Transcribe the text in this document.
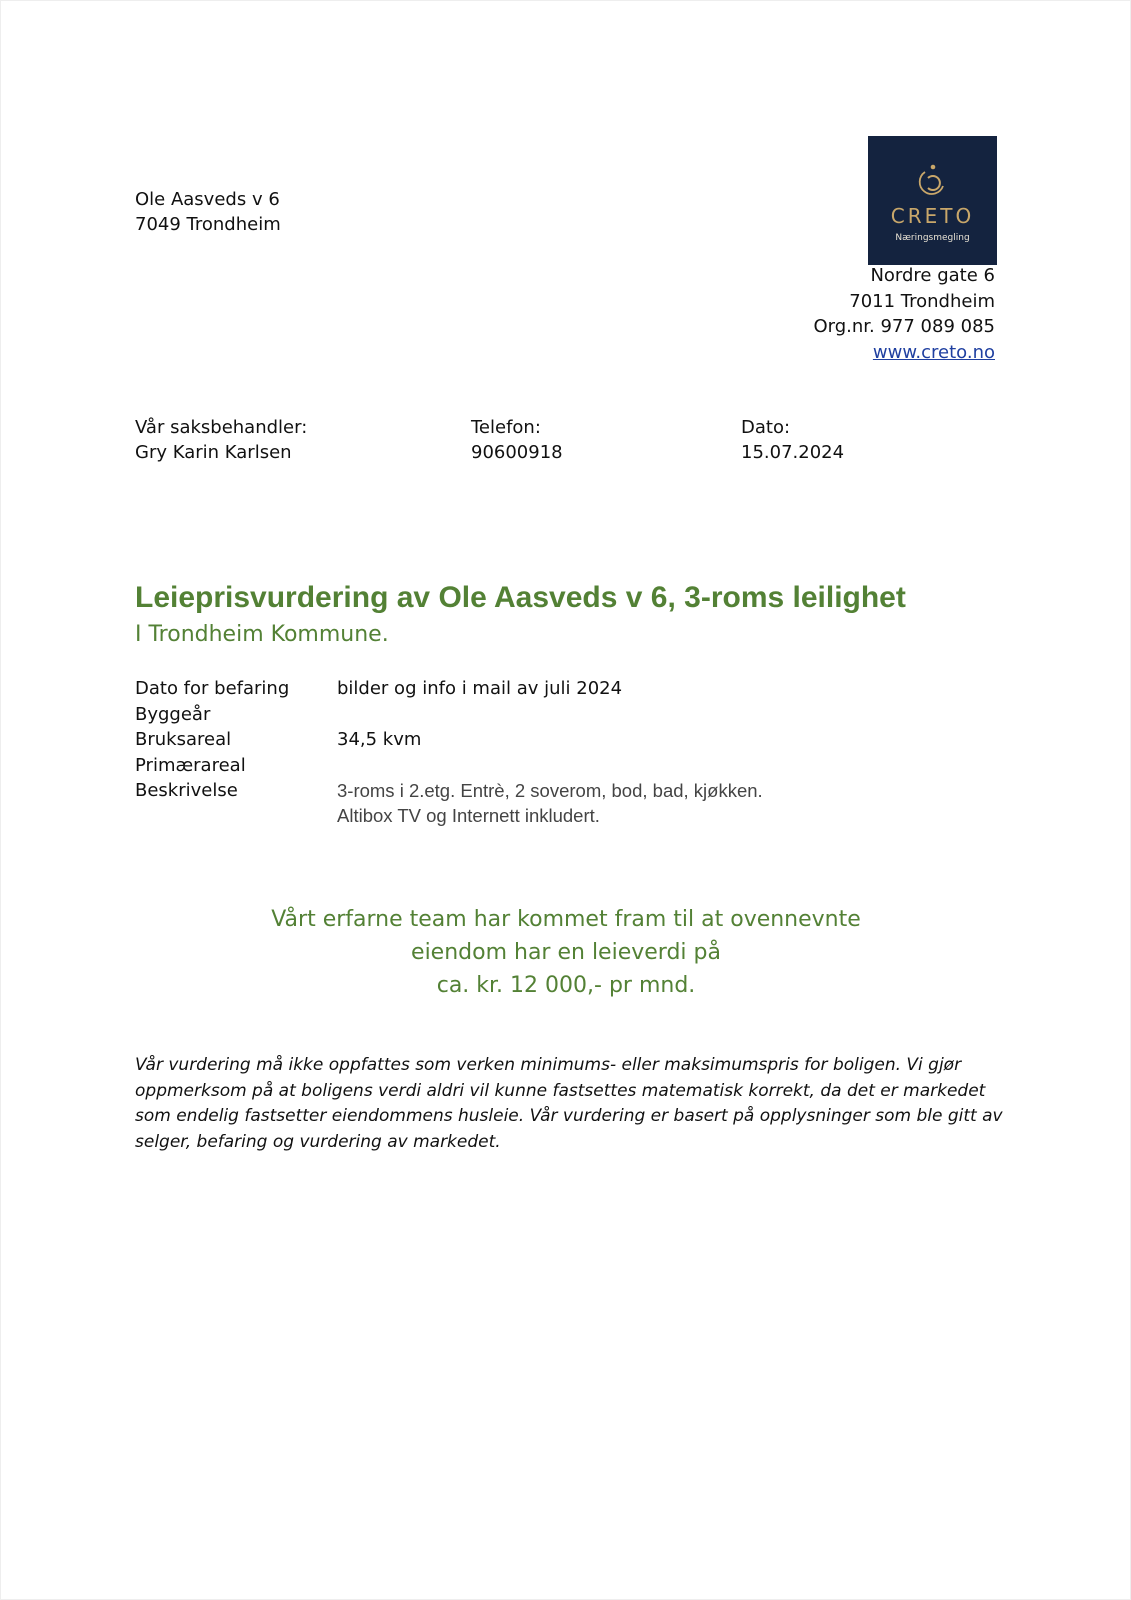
Ole Aasveds v 6
7049 Trondheim	CRETO
Næringsmegling
Nordre gate 6
7011 Trondheim
Org.nr. 977 089 085
www.creto.no
Vår saksbehandler:
Gry Karin Karlsen
Telefon:
90600918
Dato:
15.07.2024
Leieprisvurdering av Ole Aasveds v 6, 3-roms leilighet
I Trondheim Kommune.
Dato for befaring	bilder og info i mail av juli 2024
Byggeår
Bruksareal	34,5 kvm
Primærareal
Beskrivelse	3-roms i 2.etg. Entrè, 2 soverom, bod, bad, kjøkken.
Altibox TV og Internett inkludert.
Vårt erfarne team har kommet fram til at ovennevnte
eiendom har en leieverdi på
ca. kr. 12 000,- pr mnd.
Vår vurdering må ikke oppfattes som verken minimums- eller maksimumspris for boligen. Vi gjør
oppmerksom på at boligens verdi aldri vil kunne fastsettes matematisk korrekt, da det er markedet
som endelig fastsetter eiendommens husleie. Vår vurdering er basert på opplysninger som ble gitt av
selger, befaring og vurdering av markedet.
